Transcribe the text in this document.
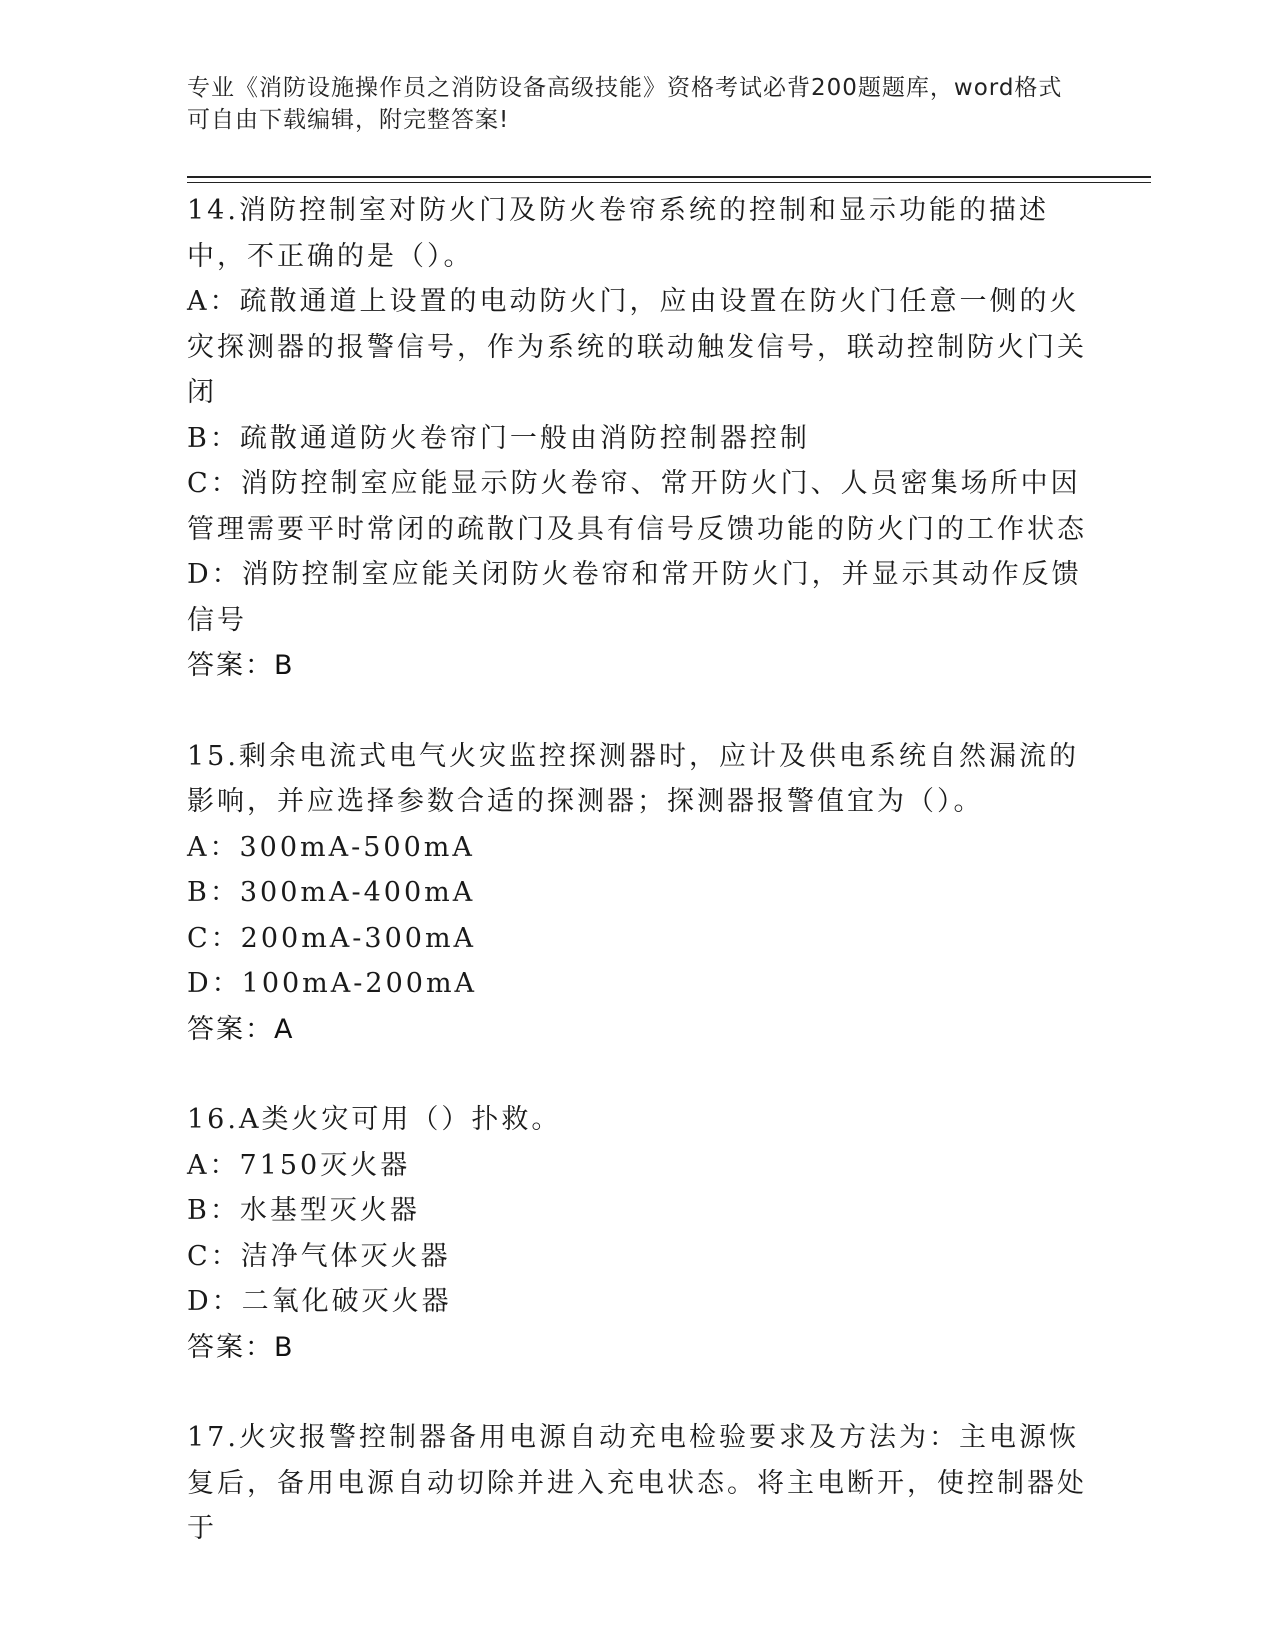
专业《消防设施操作员之消防设备高级技能》资格考试必背200题题库，word格式可自由下载编辑，附完整答案!

14.消防控制室对防火门及防火卷帘系统的控制和显示功能的描述中，不正确的是（）。

A：疏散通道上设置的电动防火门，应由设置在防火门任意一侧的火灾探测器的报警信号，作为系统的联动触发信号，联动控制防火门关闭

B：疏散通道防火卷帘门一般由消防控制器控制

C：消防控制室应能显示防火卷帘、常开防火门、人员密集场所中因管理需要平时常闭的疏散门及具有信号反馈功能的防火门的工作状态

D：消防控制室应能关闭防火卷帘和常开防火门，并显示其动作反馈信号

答案：B

15.剩余电流式电气火灾监控探测器时，应计及供电系统自然漏流的影响，并应选择参数合适的探测器；探测器报警值宜为（）。

A：300mA-500mA

B：300mA-400mA

C：200mA-300mA

D：100mA-200mA

答案：A

16.A类火灾可用（）扑救。

A：7150灭火器

B：水基型灭火器

C：洁净气体灭火器

D：二氧化破灭火器

答案：B

17.火灾报警控制器备用电源自动充电检验要求及方法为：主电源恢复后，备用电源自动切除并进入充电状态。将主电断开，使控制器处于
